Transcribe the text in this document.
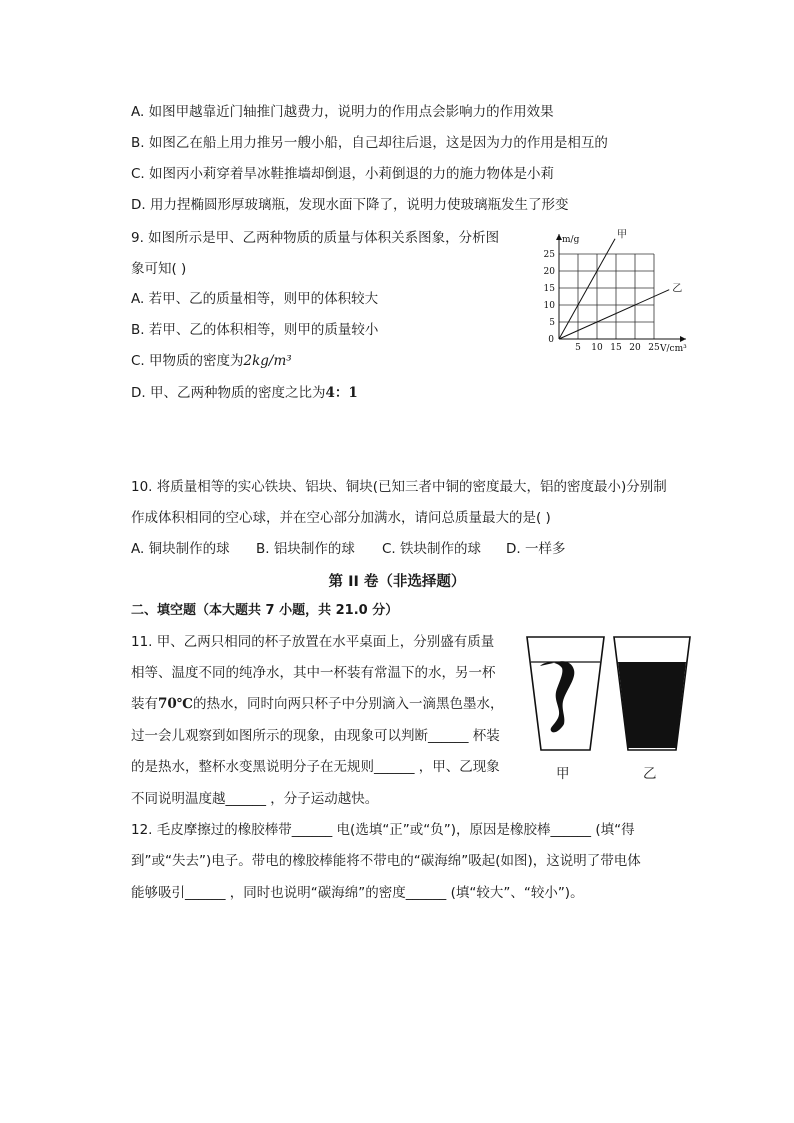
A. 如图甲越靠近门轴推门越费力，说明力的作用点会影响力的作用效果
B. 如图乙在船上用力推另一艘小船，自己却往后退，这是因为力的作用是相互的
C. 如图丙小莉穿着旱冰鞋推墙却倒退，小莉倒退的力的施力物体是小莉
D. 用力捏椭圆形厚玻璃瓶，发现水面下降了，说明力使玻璃瓶发生了形变
9. 如图所示是甲、乙两种物质的质量与体积关系图象，分析图
象可知( )
A. 若甲、乙的质量相等，则甲的体积较大
B. 若甲、乙的体积相等，则甲的质量较小
C. 甲物质的密度为2kg/m³
D. 甲、乙两种物质的密度之比为4：1
5 10 15 20 25
5
10
15
20
25
0
甲
乙
m/g
V/cm³
10. 将质量相等的实心铁块、铝块、铜块(已知三者中铜的密度最大，铝的密度最小)分别制
作成体积相同的空心球，并在空心部分加满水，请问总质量最大的是( )
A. 铜块制作的球 B. 铝块制作的球 C. 铁块制作的球 D. 一样多
第 II 卷（非选择题）
二、填空题（本大题共 7 小题，共 21.0 分）
11. 甲、乙两只相同的杯子放置在水平桌面上，分别盛有质量
相等、温度不同的纯净水，其中一杯装有常温下的水，另一杯
装有70℃的热水，同时向两只杯子中分别滴入一滴黑色墨水，
过一会儿观察到如图所示的现象，由现象可以判断______ 杯装
的是热水，整杯水变黑说明分子在无规则______ ，甲、乙现象
不同说明温度越______ ，分子运动越快。
甲	乙
12. 毛皮摩擦过的橡胶棒带______ 电(选填“正”或“负”)，原因是橡胶棒______ (填“得
到”或“失去”)电子。带电的橡胶棒能将不带电的“碳海绵”吸起(如图)，这说明了带电体
能够吸引______ ，同时也说明“碳海绵”的密度______ (填“较大”、“较小”)。
